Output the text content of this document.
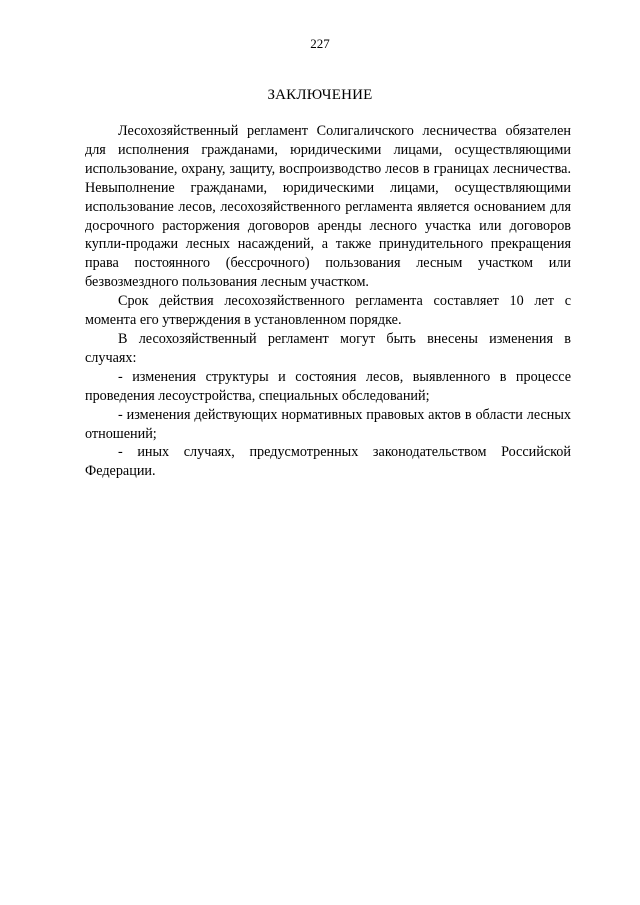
227
ЗАКЛЮЧЕНИЕ

Лесохозяйственный регламент Солигаличского лесничества обязателен для исполнения гражданами, юридическими лицами, осуществляющими использование, охрану, защиту, воспроизводство лесов в границах лесничества. Невыполнение гражданами, юридическими лицами, осуществляющими использование лесов, лесохозяйственного регламента является основанием для досрочного расторжения договоров аренды лесного участка или договоров купли-продажи лесных насаждений, а также принудительного прекращения права постоянного (бессрочного) пользования лесным участком или безвозмездного пользования лесным участком.

Срок действия лесохозяйственного регламента составляет 10 лет с момента его утверждения в установленном порядке.

В лесохозяйственный регламент могут быть внесены изменения в случаях:

- изменения структуры и состояния лесов, выявленного в процессе проведения лесоустройства, специальных обследований;

- изменения действующих нормативных правовых актов в области лесных отношений;

- иных случаях, предусмотренных законодательством Российской Федерации.
